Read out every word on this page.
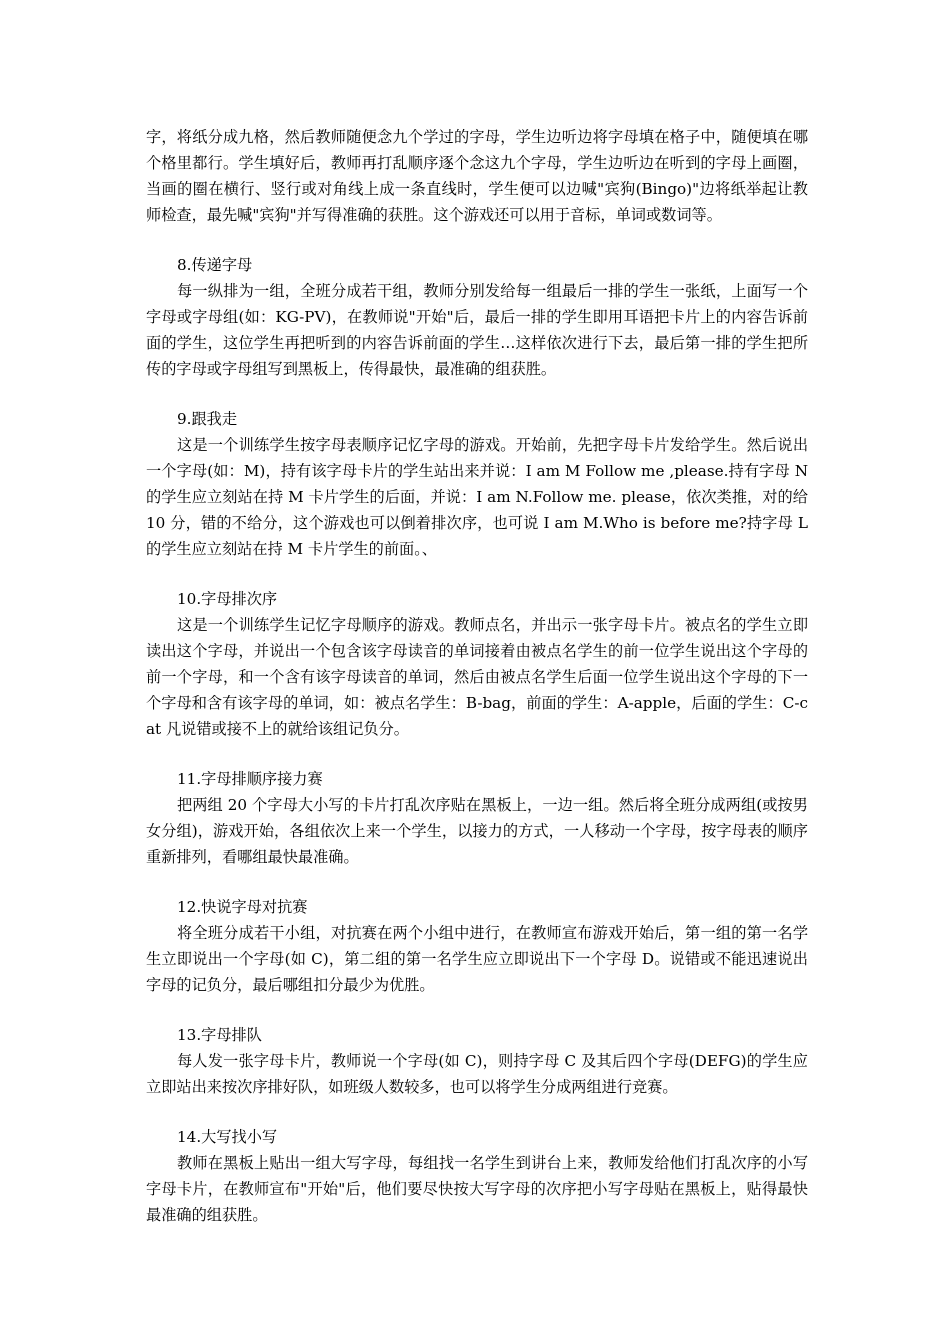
字，将纸分成九格，然后教师随便念九个学过的字母，学生边听边将字母填在格子中，随便填在哪个格里都行。学生填好后，教师再打乱顺序逐个念这九个字母，学生边听边在听到的字母上画圈，当画的圈在横行、竖行或对角线上成一条直线时，学生便可以边喊"宾狗(Bingo)"边将纸举起让教师检查，最先喊"宾狗"并写得准确的获胜。这个游戏还可以用于音标，单词或数词等。

8.传递字母

每一纵排为一组，全班分成若干组，教师分别发给每一组最后一排的学生一张纸，上面写一个字母或字母组(如：KG-PV)，在教师说"开始"后，最后一排的学生即用耳语把卡片上的内容告诉前面的学生，这位学生再把听到的内容告诉前面的学生…这样依次进行下去，最后第一排的学生把所传的字母或字母组写到黑板上，传得最快，最准确的组获胜。

9.跟我走

这是一个训练学生按字母表顺序记忆字母的游戏。开始前，先把字母卡片发给学生。然后说出一个字母(如：M)，持有该字母卡片的学生站出来并说：I am M Follow me ,please.持有字母 N 的学生应立刻站在持 M 卡片学生的后面，并说：I am N.Follow me. please，依次类推，对的给 10 分，错的不给分，这个游戏也可以倒着排次序，也可说 I am M.Who is before me?持字母 L 的学生应立刻站在持 M 卡片学生的前面。、

10.字母排次序

这是一个训练学生记忆字母顺序的游戏。教师点名，并出示一张字母卡片。被点名的学生立即读出这个字母，并说出一个包含该字母读音的单词接着由被点名学生的前一位学生说出这个字母的前一个字母，和一个含有该字母读音的单词，然后由被点名学生后面一位学生说出这个字母的下一个字母和含有该字母的单词，如：被点名学生：B-bag，前面的学生：A-apple，后面的学生：C-cat 凡说错或接不上的就给该组记负分。

11.字母排顺序接力赛

把两组 20 个字母大小写的卡片打乱次序贴在黑板上，一边一组。然后将全班分成两组(或按男女分组)，游戏开始，各组依次上来一个学生，以接力的方式，一人移动一个字母，按字母表的顺序重新排列，看哪组最快最准确。

12.快说字母对抗赛

将全班分成若干小组，对抗赛在两个小组中进行，在教师宣布游戏开始后，第一组的第一名学生立即说出一个字母(如 C)，第二组的第一名学生应立即说出下一个字母 D。说错或不能迅速说出字母的记负分，最后哪组扣分最少为优胜。

13.字母排队

每人发一张字母卡片，教师说一个字母(如 C)，则持字母 C 及其后四个字母(DEFG)的学生应立即站出来按次序排好队，如班级人数较多，也可以将学生分成两组进行竞赛。

14.大写找小写

教师在黑板上贴出一组大写字母，每组找一名学生到讲台上来，教师发给他们打乱次序的小写字母卡片，在教师宣布"开始"后，他们要尽快按大写字母的次序把小写字母贴在黑板上，贴得最快最准确的组获胜。
